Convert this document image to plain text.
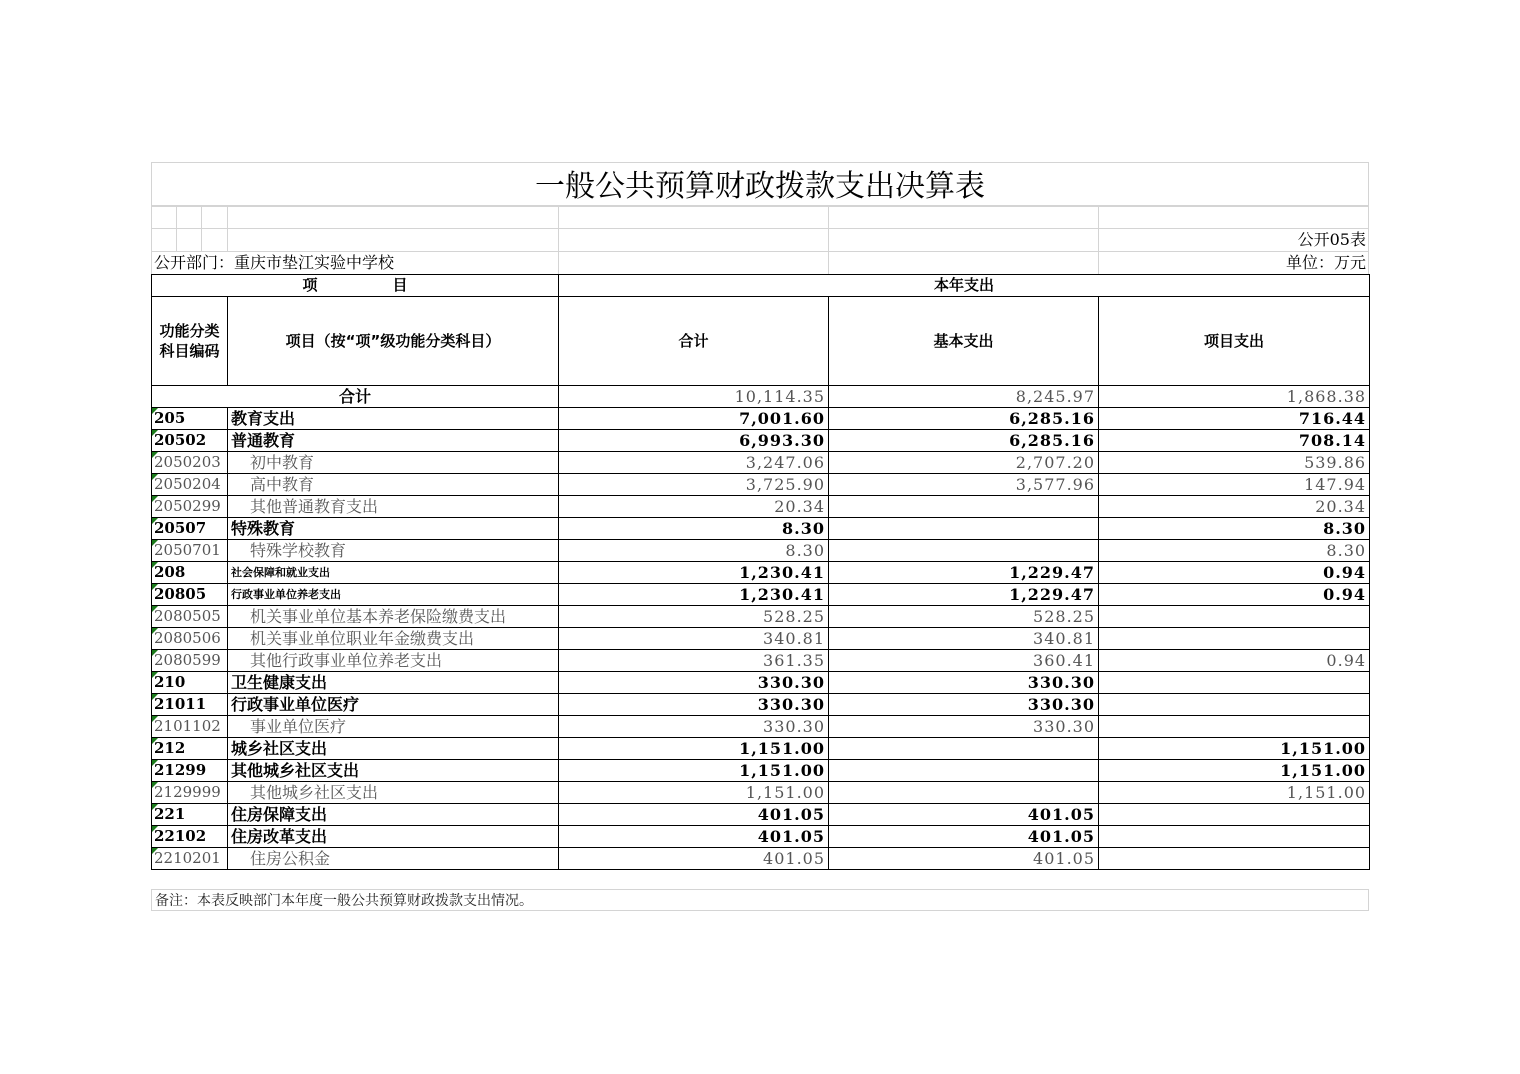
一般公共预算财政拨款支出决算表
公开05表
公开部门：重庆市垫江实验中学校	单位：万元
项　　　　　目		本年支出		
功能分类科目编码	项目（按“项”级功能分类科目）	合计	基本支出	项目支出
合计		10,114.35	8,245.97	1,868.38
205	教育支出	7,001.60	6,285.16	716.44
20502	普通教育	6,993.30	6,285.16	708.14
2050203	初中教育	3,247.06	2,707.20	539.86
2050204	高中教育	3,725.90	3,577.96	147.94
2050299	其他普通教育支出	20.34		20.34
20507	特殊教育	8.30		8.30
2050701	特殊学校教育	8.30		8.30
208	社会保障和就业支出	1,230.41	1,229.47	0.94
20805	行政事业单位养老支出	1,230.41	1,229.47	0.94
2080505	机关事业单位基本养老保险缴费支出	528.25	528.25	
2080506	机关事业单位职业年金缴费支出	340.81	340.81	
2080599	其他行政事业单位养老支出	361.35	360.41	0.94
210	卫生健康支出	330.30	330.30	
21011	行政事业单位医疗	330.30	330.30	
2101102	事业单位医疗	330.30	330.30	
212	城乡社区支出	1,151.00		1,151.00
21299	其他城乡社区支出	1,151.00		1,151.00
2129999	其他城乡社区支出	1,151.00		1,151.00
221	住房保障支出	401.05	401.05	
22102	住房改革支出	401.05	401.05	
2210201	住房公积金	401.05	401.05	
备注：本表反映部门本年度一般公共预算财政拨款支出情况。
